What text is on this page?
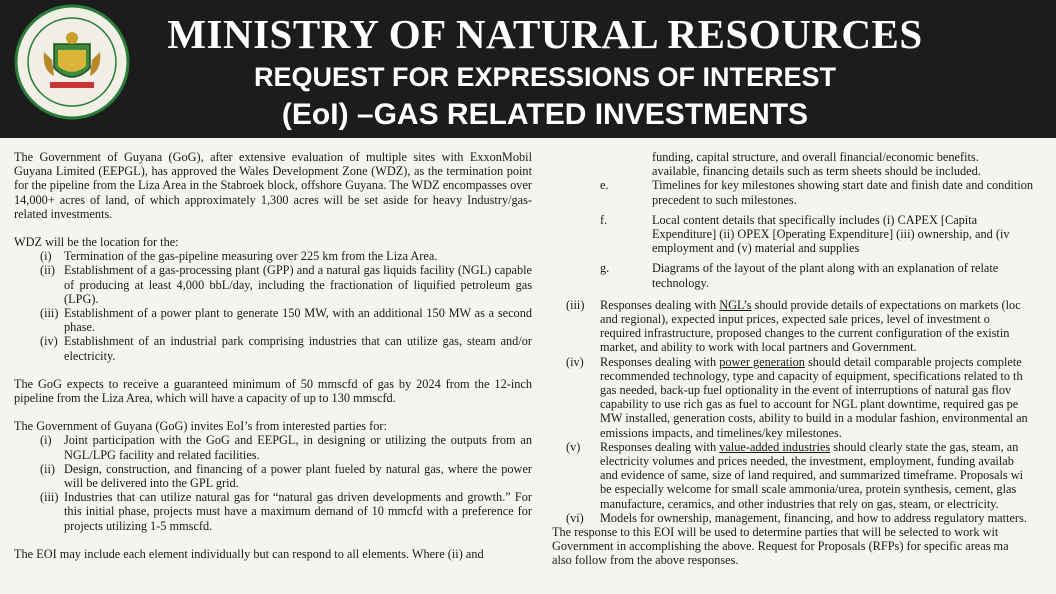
MINISTRY OF NATURAL RESOURCES
REQUEST FOR EXPRESSIONS OF INTEREST
(EoI) –GAS RELATED INVESTMENTS

The Government of Guyana (GoG), after extensive evaluation of multiple sites with ExxonMobil Guyana Limited (EEPGL), has approved the Wales Development Zone (WDZ), as the termination point for the pipeline from the Liza Area in the Stabroek block, offshore Guyana. The WDZ encompasses over 14,000+ acres of land, of which approximately 1,300 acres will be set aside for heavy Industry/gas-related investments.

WDZ will be the location for the:

(i)	Termination of the gas-pipeline measuring over 225 km from the Liza Area.
(ii) Establishment of a gas-processing plant (GPP) and a natural gas liquids facility (NGL) capable of producing at least 4,000 bbL/day, including the fractionation of liquified petroleum gas (LPG).
(iii) Establishment of a power plant to generate 150 MW, with an additional 150 MW as a second phase.
(iv) Establishment of an industrial park comprising industries that can utilize gas, steam and/or electricity.

The GoG expects to receive a guaranteed minimum of 50 mmscfd of gas by 2024 from the 12-inch pipeline from the Liza Area, which will have a capacity of up to 130 mmscfd.

The Government of Guyana (GoG) invites EoI’s from interested parties for:

(i)	Joint participation with the GoG and EEPGL, in designing or utilizing the outputs from an NGL/LPG facility and related facilities.
(ii) Design, construction, and financing of a power plant fueled by natural gas, where the power will be delivered into the GPL grid.
(iii) Industries that can utilize natural gas for “natural gas driven developments and growth.” For this initial phase, projects must have a maximum demand of 10 mmcfd with a preference for projects utilizing 1-5 mmscfd.

The EOI may include each element individually but can respond to all elements. Where (ii) and

funding, capital structure, and overall financial/economic benefits.
available, financing details such as term sheets should be included.
e.	Timelines for key milestones showing start date and finish date and condition
precedent to such milestones.
f.	Local content details that specifically includes (i) CAPEX [Capita
Expenditure] (ii) OPEX [Operating Expenditure] (iii) ownership, and (iv
employment and (v) material and supplies
g.	Diagrams of the layout of the plant along with an explanation of relate
technology.
(iii)	Responses dealing with NGL’s should provide details of expectations on markets (loc
and regional), expected input prices, expected sale prices, level of investment o
required infrastructure, proposed changes to the current configuration of the existin
market, and ability to work with local partners and Government.
(iv)	Responses dealing with power generation should detail comparable projects complete
recommended technology, type and capacity of equipment, specifications related to th
gas needed, back-up fuel optionality in the event of interruptions of natural gas flov
capability to use rich gas as fuel to account for NGL plant downtime, required gas pe
MW installed, generation costs, ability to build in a modular fashion, environmental an
emissions impacts, and timelines/key milestones.
(v)	Responses dealing with value-added industries should clearly state the gas, steam, an
electricity volumes and prices needed, the investment, employment, funding availab
and evidence of same, size of land required, and summarized timeframe. Proposals wi
be especially welcome for small scale ammonia/urea, protein synthesis, cement, glas
manufacture, ceramics, and other industries that rely on gas, steam, or electricity.
(vi)	Models for ownership, management, financing, and how to address regulatory matters.
The response to this EOI will be used to determine parties that will be selected to work wit
Government in accomplishing the above. Request for Proposals (RFPs) for specific areas ma
also follow from the above responses.
